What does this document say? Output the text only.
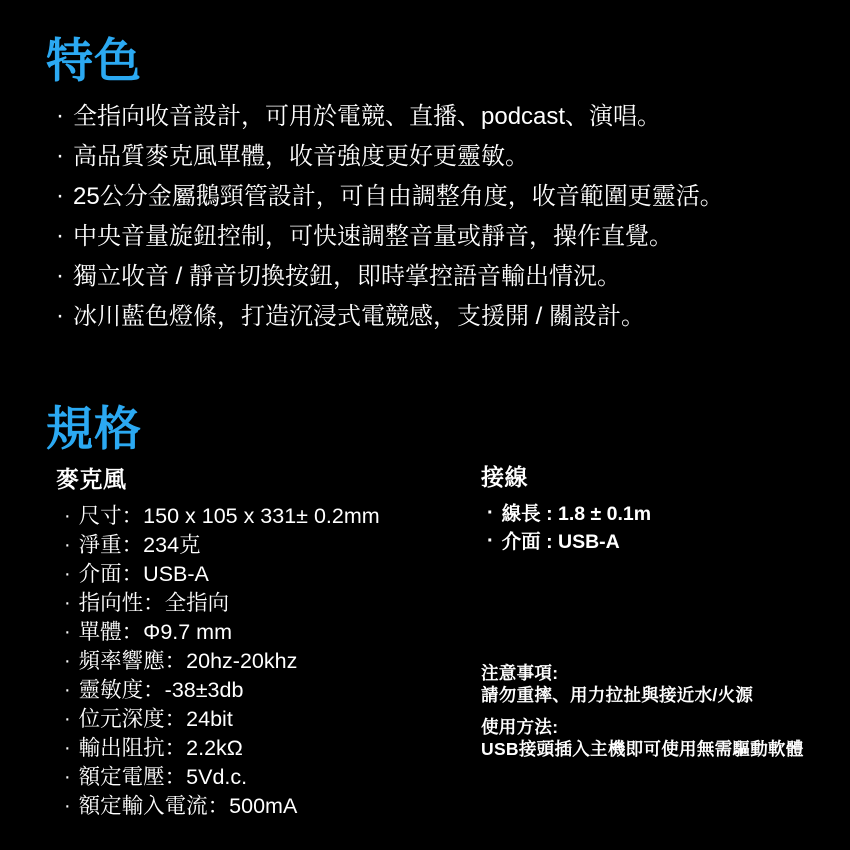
特色
· 全指向收音設計，可用於電競、直播、podcast、演唱。
· 高品質麥克風單體，收音強度更好更靈敏。
· 25公分金屬鵝頸管設計，可自由調整角度，收音範圍更靈活。
· 中央音量旋鈕控制，可快速調整音量或靜音，操作直覺。
· 獨立收音 / 靜音切換按鈕，即時掌控語音輸出情況。
· 冰川藍色燈條，打造沉浸式電競感，支援開 / 關設計。
規格
麥克風
· 尺寸：150 x 105 x 331± 0.2mm
· 淨重：234克
· 介面：USB-A
· 指向性：全指向
· 單體：Φ9.7 mm
· 頻率響應：20hz-20khz
· 靈敏度：-38±3db
· 位元深度：24bit
· 輸出阻抗：2.2kΩ
· 額定電壓：5Vd.c.
· 額定輸入電流：500mA
接線
· 線長 : 1.8 ± 0.1m
· 介面 : USB-A
注意事項:
請勿重摔、用力拉扯與接近水/火源
使用方法:
USB接頭插入主機即可使用無需驅動軟體
